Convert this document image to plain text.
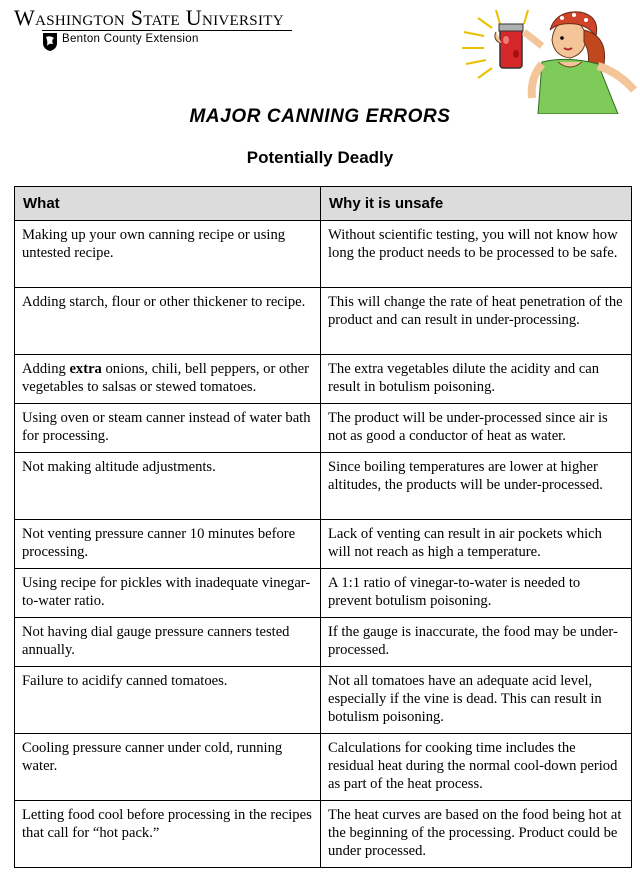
Washington State University
Benton County Extension
MAJOR CANNING ERRORS
Potentially Deadly
What	Why it is unsafe
Making up your own canning recipe or using untested recipe.	Without scientific testing, you will not know how long the product needs to be processed to be safe.
Adding starch, flour or other thickener to recipe.	This will change the rate of heat penetration of the product and can result in under-processing.
Adding extra onions, chili, bell peppers, or other vegetables to salsas or stewed tomatoes.	The extra vegetables dilute the acidity and can result in botulism poisoning.
Using oven or steam canner instead of water bath for processing.	The product will be under-processed since air is not as good a conductor of heat as water.
Not making altitude adjustments.	Since boiling temperatures are lower at higher altitudes, the products will be under-processed.
Not venting pressure canner 10 minutes before processing.	Lack of venting can result in air pockets which will not reach as high a temperature.
Using recipe for pickles with inadequate vinegar-to-water ratio.	A 1:1 ratio of vinegar-to-water is needed to prevent botulism poisoning.
Not having dial gauge pressure canners tested annually.	If the gauge is inaccurate, the food may be under-processed.
Failure to acidify canned tomatoes.	Not all tomatoes have an adequate acid level, especially if the vine is dead. This can result in botulism poisoning.
Cooling pressure canner under cold, running water.	Calculations for cooking time includes the residual heat during the normal cool-down period as part of the heat process.
Letting food cool before processing in the recipes that call for “hot pack.”	The heat curves are based on the food being hot at the beginning of the processing. Product could be under processed.
